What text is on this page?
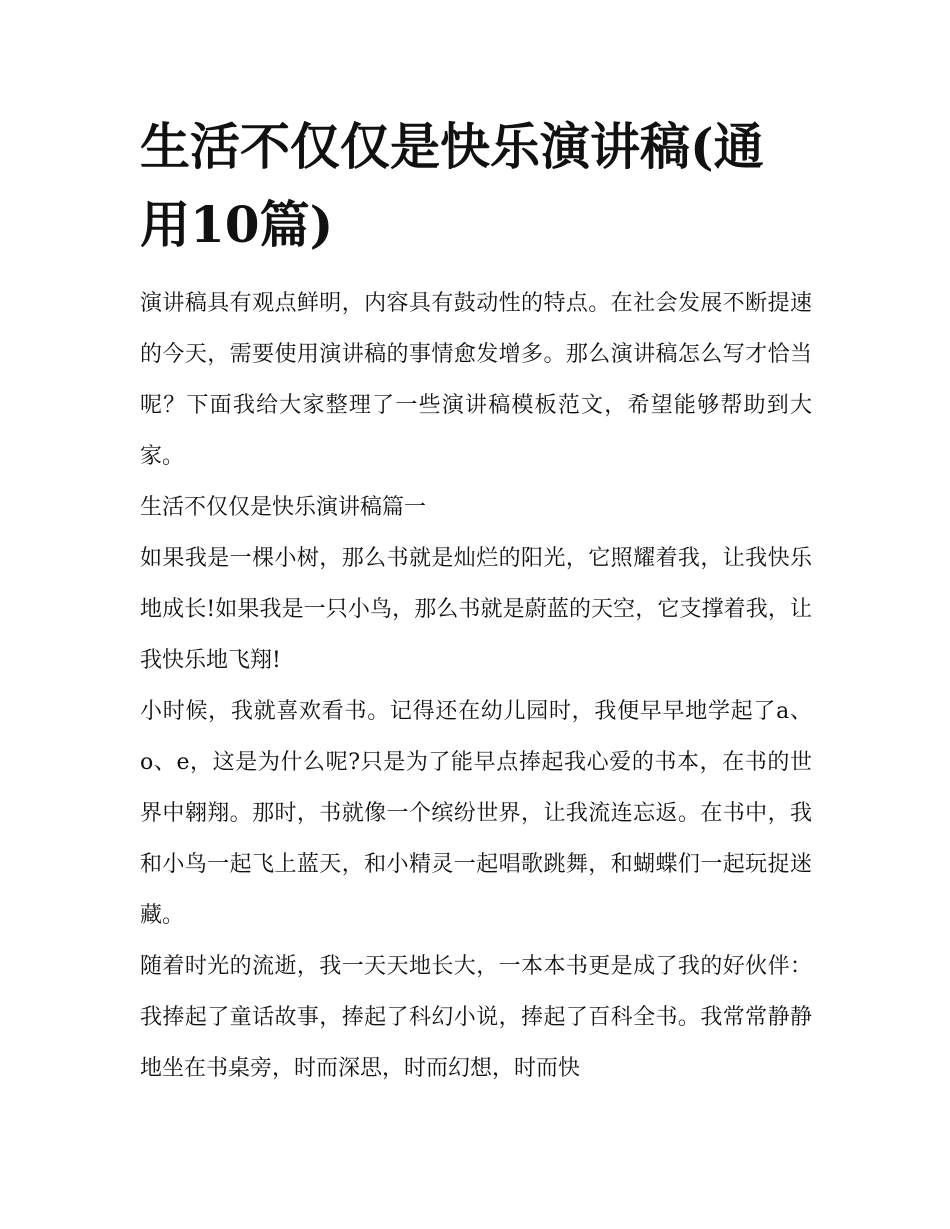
生活不仅仅是快乐演讲稿(通用10篇)

演讲稿具有观点鲜明，内容具有鼓动性的特点。在社会发展不断提速的今天，需要使用演讲稿的事情愈发增多。那么演讲稿怎么写才恰当呢？下面我给大家整理了一些演讲稿模板范文，希望能够帮助到大家。

生活不仅仅是快乐演讲稿篇一

如果我是一棵小树，那么书就是灿烂的阳光，它照耀着我，让我快乐地成长!如果我是一只小鸟，那么书就是蔚蓝的天空，它支撑着我，让我快乐地飞翔!

小时候，我就喜欢看书。记得还在幼儿园时，我便早早地学起了a、o、e，这是为什么呢?只是为了能早点捧起我心爱的书本，在书的世界中翱翔。那时，书就像一个缤纷世界，让我流连忘返。在书中，我和小鸟一起飞上蓝天，和小精灵一起唱歌跳舞，和蝴蝶们一起玩捉迷藏。

随着时光的流逝，我一天天地长大，一本本书更是成了我的好伙伴：我捧起了童话故事，捧起了科幻小说，捧起了百科全书。我常常静静地坐在书桌旁，时而深思，时而幻想，时而快
